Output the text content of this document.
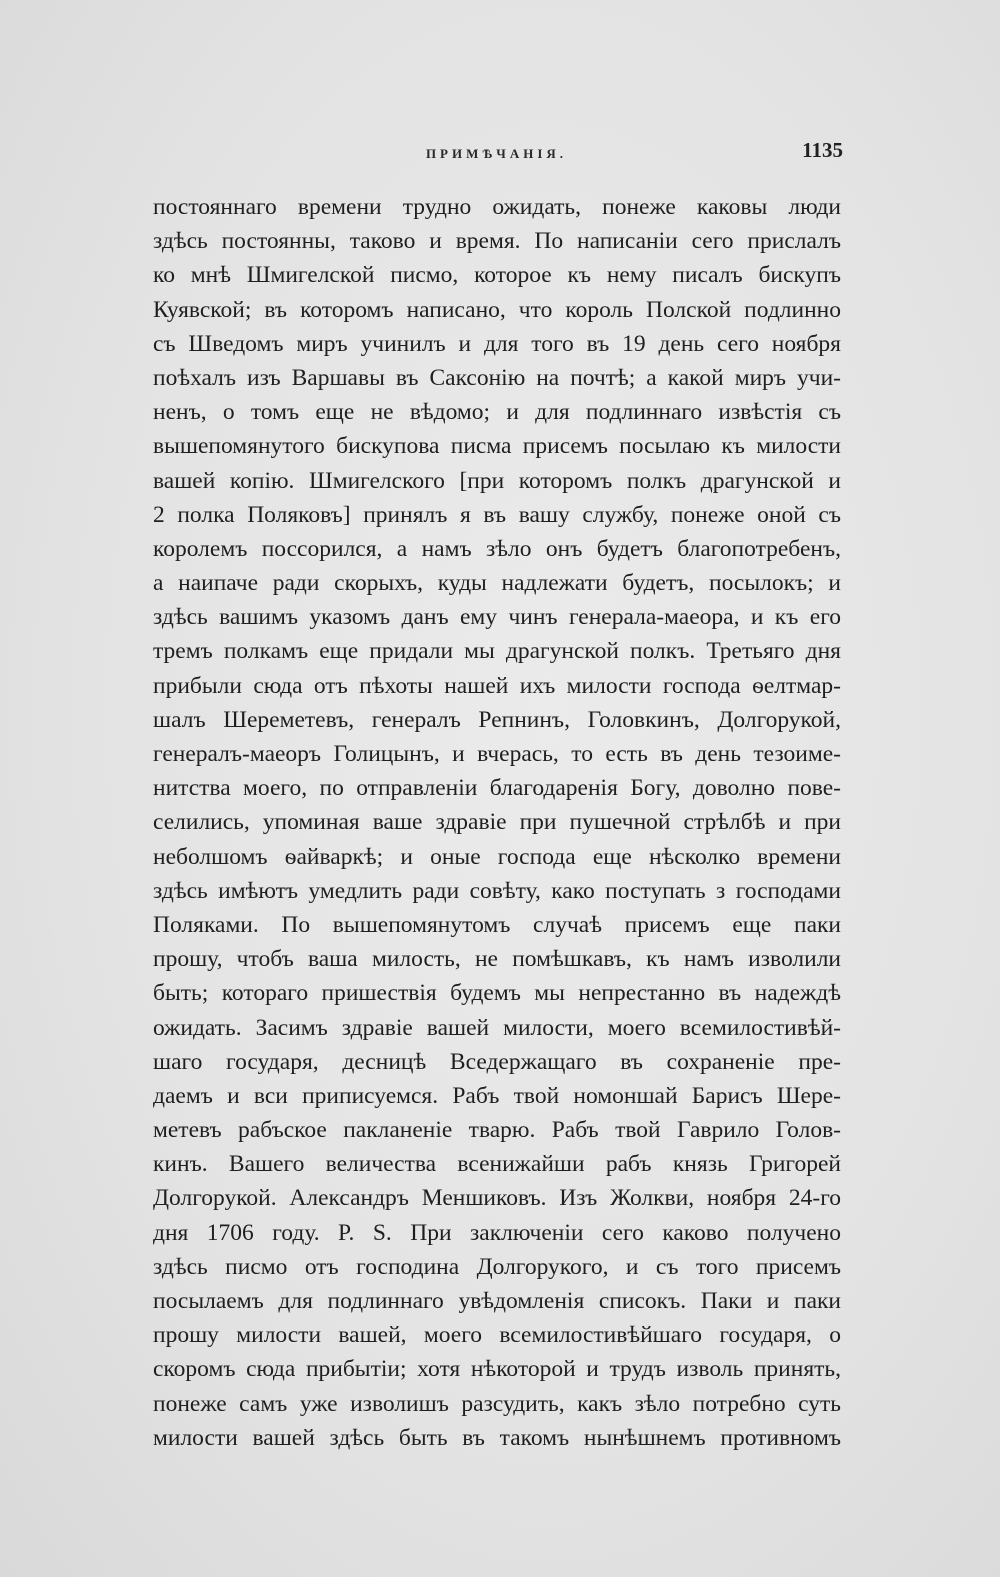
ПРИМѢЧАНІЯ.	1135
постояннаго времени трудно ожидать, понеже каковы люди
здѣсь постоянны, таково и время. По написаніи сего прислалъ
ко мнѣ Шмигелской писмо, которое къ нему писалъ бискупъ
Куявской; въ которомъ написано, что король Полской подлинно
съ Шведомъ миръ учинилъ и для того въ 19 день сего ноября
поѣхалъ изъ Варшавы въ Саксонію на почтѣ; а какой миръ учи-
ненъ, о томъ еще не вѣдомо; и для подлиннаго извѣстія съ
вышепомянутого бискупова писма присемъ посылаю къ милости
вашей копію. Шмигелского [при которомъ полкъ драгунской и
2 полка Поляковъ] принялъ я въ вашу службу, понеже оной съ
королемъ поссорился, а намъ зѣло онъ будетъ благопотребенъ,
а наипаче ради скорыхъ, куды надлежати будетъ, посылокъ; и
здѣсь вашимъ указомъ данъ ему чинъ генерала-маеора, и къ его
тремъ полкамъ еще придали мы драгунской полкъ. Третьяго дня
прибыли сюда отъ пѣхоты нашей ихъ милости господа ѳелтмар-
шалъ Шереметевъ, генералъ Репнинъ, Головкинъ, Долгорукой,
генералъ-маеоръ Голицынъ, и вчерась, то есть въ день тезоиме-
нитства моего, по отправленіи благодаренія Богу, доволно пове-
селились, упоминая ваше здравіе при пушечной стрѣлбѣ и при
неболшомъ ѳайваркѣ; и оные господа еще нѣсколко времени
здѣсь имѣютъ умедлить ради совѣту, како поступать з господами
Поляками. По вышепомянутомъ случаѣ присемъ еще паки
прошу, чтобъ ваша милость, не помѣшкавъ, къ намъ изволили
быть; котораго пришествія будемъ мы непрестанно въ надеждѣ
ожидать. Засимъ здравіе вашей милости, моего всемилостивѣй-
шаго государя, десницѣ Вседержащаго въ сохраненіе пре-
даемъ и вси приписуемся. Рабъ твой номоншай Барисъ Шере-
метевъ рабъское пакланеніе тварю. Рабъ твой Гаврило Голов-
кинъ. Вашего величества всенижайши рабъ князь Григорей
Долгорукой. Александръ Меншиковъ. Изъ Жолкви, ноября 24-го
дня 1706 году. P. S. При заключеніи сего каково получено
здѣсь писмо отъ господина Долгорукого, и съ того присемъ
посылаемъ для подлиннаго увѣдомленія списокъ. Паки и паки
прошу милости вашей, моего всемилостивѣйшаго государя, о
скоромъ сюда прибытіи; хотя нѣкоторой и трудъ изволь принять,
понеже самъ уже изволишъ разсудить, какъ зѣло потребно суть
милости вашей здѣсь быть въ такомъ нынѣшнемъ противномъ
